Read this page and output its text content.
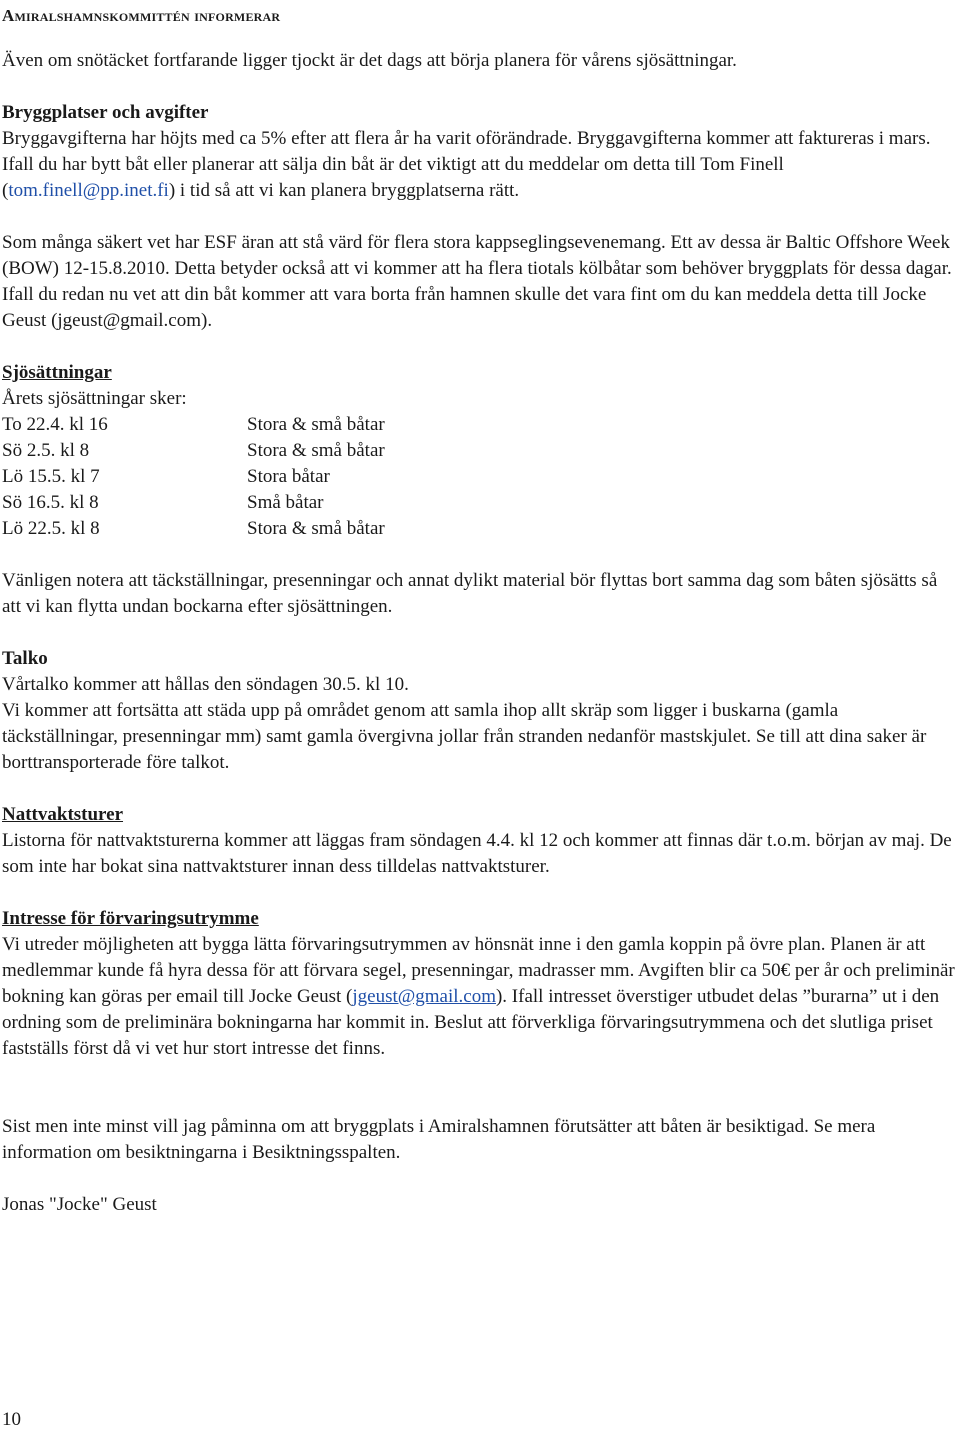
Amiralshamnskommittén informerar

Även om snötäcket fortfarande ligger tjockt är det dags att börja planera för vårens sjösättningar.

Bryggplatser och avgifter

Bryggavgifterna har höjts med ca 5% efter att flera år ha varit oförändrade. Bryggavgifterna kommer att faktureras i mars. Ifall du har bytt båt eller planerar att sälja din båt är det viktigt att du meddelar om detta till Tom Finell (tom.finell@pp.inet.fi) i tid så att vi kan planera bryggplatserna rätt.

Som många säkert vet har ESF äran att stå värd för flera stora kappseglingsevenemang. Ett av dessa är Baltic Offshore Week (BOW) 12-15.8.2010. Detta betyder också att vi kommer att ha flera tiotals kölbåtar som behöver bryggplats för dessa dagar. Ifall du redan nu vet att din båt kommer att vara borta från hamnen skulle det vara fint om du kan meddela detta till Jocke Geust (jgeust@gmail.com).

Sjösättningar

Årets sjösättningar sker:

To 22.4. kl 16	Stora & små båtar
Sö 2.5. kl 8	Stora & små båtar
Lö 15.5. kl 7	Stora båtar
Sö 16.5. kl 8	Små båtar
Lö 22.5. kl 8	Stora & små båtar

Vänligen notera att täckställningar, presenningar och annat dylikt material bör flyttas bort samma dag som båten sjösätts så att vi kan flytta undan bockarna efter sjösättningen.

Talko

Vårtalko kommer att hållas den söndagen 30.5. kl 10.

Vi kommer att fortsätta att städa upp på området genom att samla ihop allt skräp som ligger i buskarna (gamla täckställningar, presenningar mm) samt gamla övergivna jollar från stranden nedanför mastskjulet. Se till att dina saker är borttransporterade före talkot.

Nattvaktsturer

Listorna för nattvaktsturerna kommer att läggas fram söndagen 4.4. kl 12 och kommer att finnas där t.o.m. början av maj. De som inte har bokat sina nattvaktsturer innan dess tilldelas nattvaktsturer.

Intresse för förvaringsutrymme

Vi utreder möjligheten att bygga lätta förvaringsutrymmen av hönsnät inne i den gamla koppin på övre plan. Planen är att medlemmar kunde få hyra dessa för att förvara segel, presenningar, madrasser mm. Avgiften blir ca 50€ per år och preliminär bokning kan göras per email till Jocke Geust (jgeust@gmail.com). Ifall intresset överstiger utbudet delas ”burarna” ut i den ordning som de preliminära bokningarna har kommit in. Beslut att förverkliga förvaringsutrymmena och det slutliga priset fastställs först då vi vet hur stort intresse det finns.

Sist men inte minst vill jag påminna om att bryggplats i Amiralshamnen förutsätter att båten är besiktigad. Se mera information om besiktningarna i Besiktningsspalten.

Jonas "Jocke" Geust

10
